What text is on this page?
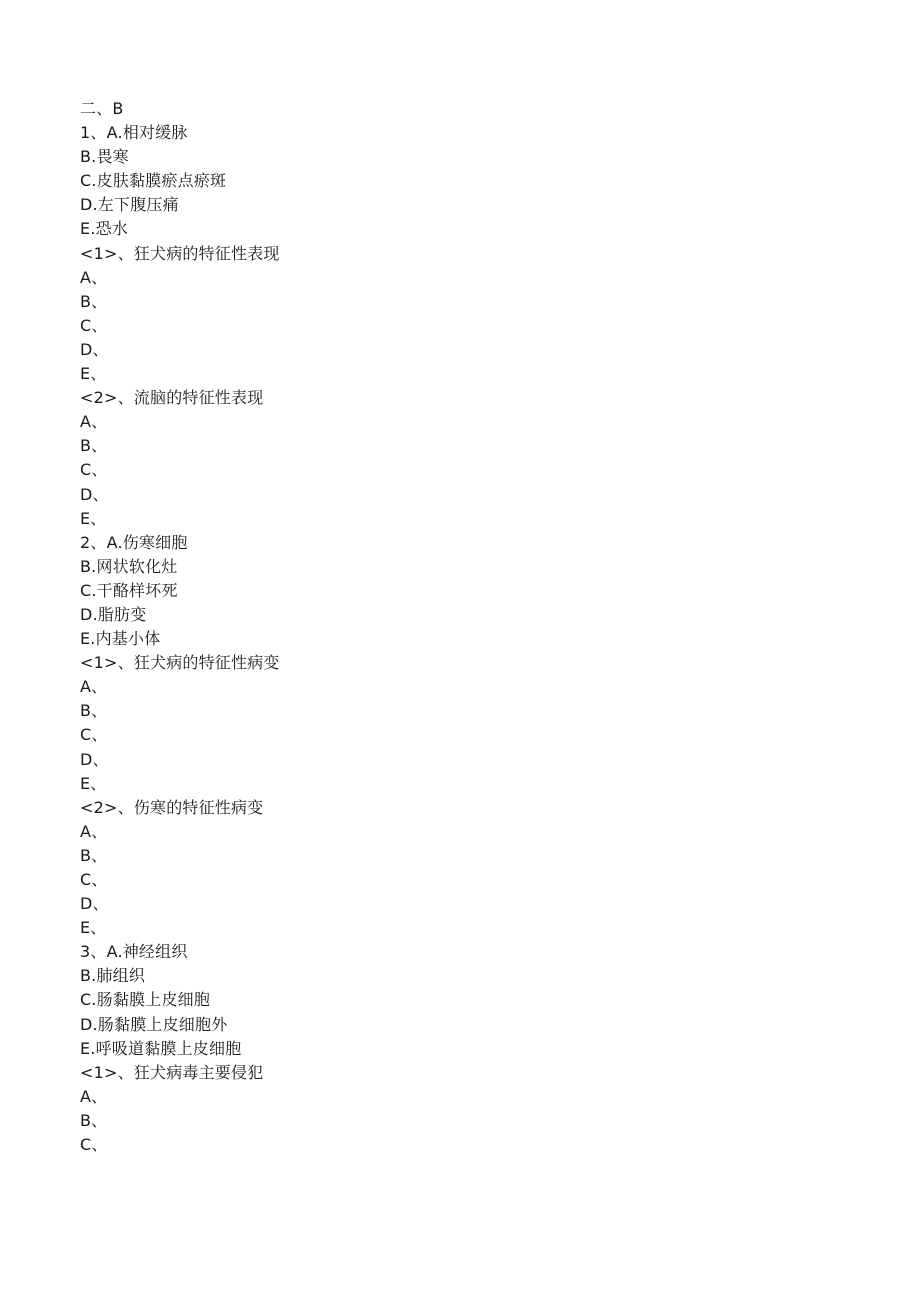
二、B
1、A.相对缓脉
B.畏寒
C.皮肤黏膜瘀点瘀斑
D.左下腹压痛
E.恐水
<1>、狂犬病的特征性表现
A、
B、
C、
D、
E、
<2>、流脑的特征性表现
A、
B、
C、
D、
E、
2、A.伤寒细胞
B.网状软化灶
C.干酪样坏死
D.脂肪变
E.内基小体
<1>、狂犬病的特征性病变
A、
B、
C、
D、
E、
<2>、伤寒的特征性病变
A、
B、
C、
D、
E、
3、A.神经组织
B.肺组织
C.肠黏膜上皮细胞
D.肠黏膜上皮细胞外
E.呼吸道黏膜上皮细胞
<1>、狂犬病毒主要侵犯
A、
B、
C、
